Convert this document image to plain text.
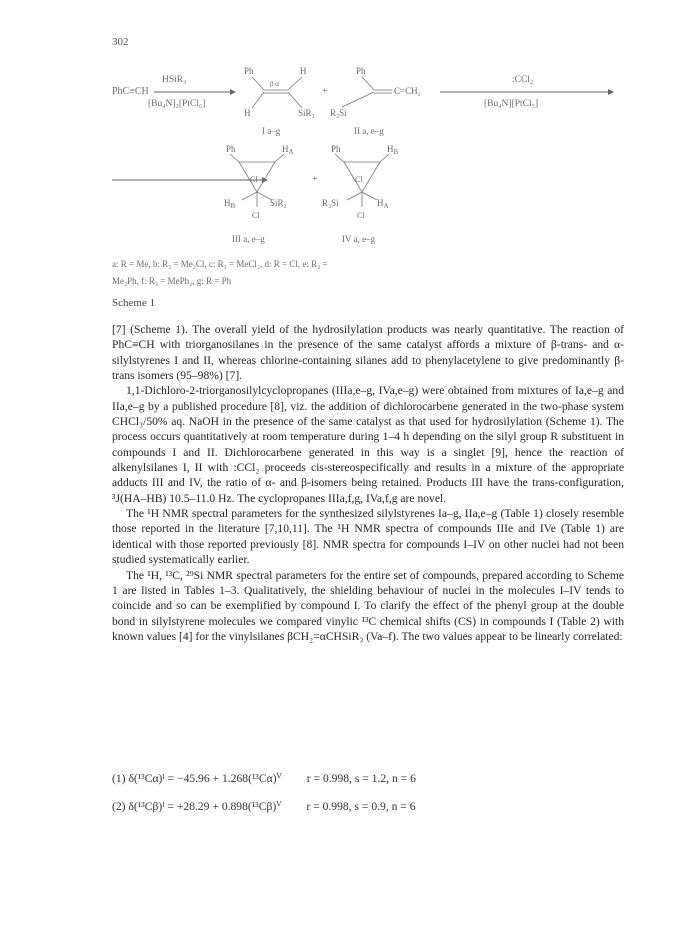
302
PhC≡CH
HSiR₃
[Bu₄N]₂[PtCl₆]
Ph	H
β α
H	SiR₃
+
Ph
R₃Si
C=CH₂
:CCl₂
[Bu₄N][PtCl₃]
I a–g	II a, e–g
Ph	$H_A$
Cl
$H_B$	SiR₃
Cl
+
Ph	$H_B$
Cl
R₃Si	$H_A$
Cl
III a, e–g	IV a, e–g
a: R = Me, b: R₃ = Me₂Cl, c: R₃ = MeCl₂, d: R = Cl, e: R₃ =
Me₂Ph, f: R₃ = MePh₂, g: R = Ph
Scheme 1

[7] (Scheme 1). The overall yield of the hydrosilylation products was nearly quantitative. The reaction of PhC≡CH with triorganosilanes in the presence of the same catalyst affords a mixture of β-trans- and α-silylstyrenes I and II, whereas chlorine-containing silanes add to phenylacetylene to give predominantly β-trans isomers (95–98%) [7].

1,1-Dichloro-2-triorganosilylcyclopropanes (IIIa,e–g, IVa,e–g) were obtained from mixtures of Ia,e–g and IIa,e–g by a published procedure [8], viz. the addition of dichlorocarbene generated in the two-phase system CHCl₃/50% aq. NaOH in the presence of the same catalyst as that used for hydrosilylation (Scheme 1). The process occurs quantitatively at room temperature during 1–4 h depending on the silyl group R substituent in compounds I and II. Dichlorocarbene generated in this way is a singlet [9], hence the reaction of alkenylsilanes I, II with :CCl₂ proceeds cis-stereospecifically and results in a mixture of the appropriate adducts III and IV, the ratio of α- and β-isomers being retained. Products III have the trans-configuration, ³J(HA–HB) 10.5–11.0 Hz. The cyclopropanes IIIa,f,g, IVa,f,g are novel.

The ¹H NMR spectral parameters for the synthesized silylstyrenes Ia–g, IIa,e–g (Table 1) closely resemble those reported in the literature [7,10,11]. The ¹H NMR spectra of compounds IIIe and IVe (Table 1) are identical with those reported previously [8]. NMR spectra for compounds I–IV on other nuclei had not been studied systematically earlier.

The ¹H, ¹³C, ²⁹Si NMR spectral parameters for the entire set of compounds, prepared according to Scheme 1 are listed in Tables 1–3. Qualitatively, the shielding behaviour of nuclei in the molecules I–IV tends to coincide and so can be exemplified by compound I. To clarify the effect of the phenyl group at the double bond in silylstyrene molecules we compared vinylic ¹³C chemical shifts (CS) in compounds I (Table 2) with known values [4] for the vinylsilanes βCH₂=αCHSiR₃ (Va–f). The two values appear to be linearly correlated:

(1) δ(¹³Cα)ᴵ = −45.96 + 1.268(¹³Cα)ⱽ r = 0.998, s = 1.2, n = 6
(2) δ(¹³Cβ)ᴵ = +28.29 + 0.898(¹³Cβ)ⱽ r = 0.998, s = 0.9, n = 6
